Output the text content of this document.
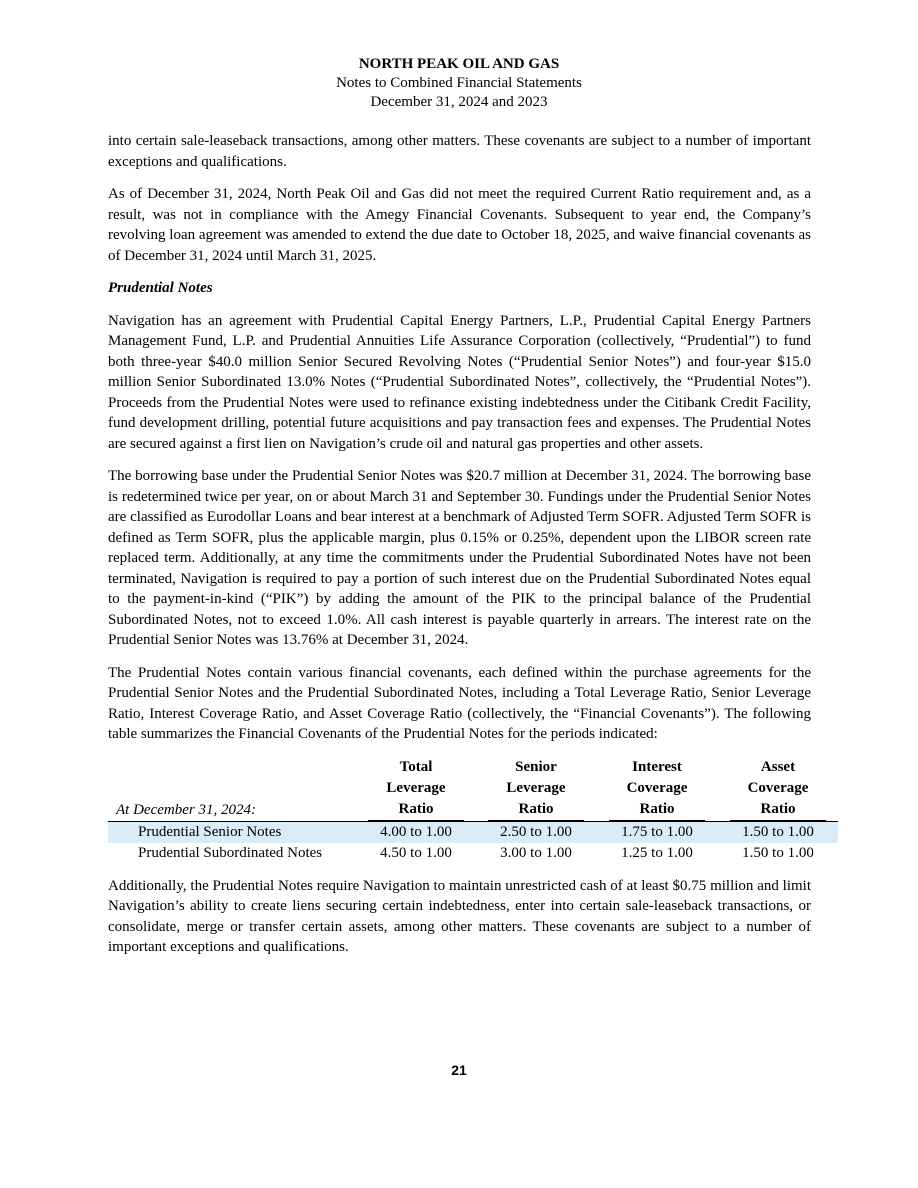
NORTH PEAK OIL AND GAS
Notes to Combined Financial Statements
December 31, 2024 and 2023

into certain sale-leaseback transactions, among other matters. These covenants are subject to a number of important exceptions and qualifications.

As of December 31, 2024, North Peak Oil and Gas did not meet the required Current Ratio requirement and, as a result, was not in compliance with the Amegy Financial Covenants. Subsequent to year end, the Company’s revolving loan agreement was amended to extend the due date to October 18, 2025, and waive financial covenants as of December 31, 2024 until March 31, 2025.

Prudential Notes

Navigation has an agreement with Prudential Capital Energy Partners, L.P., Prudential Capital Energy Partners Management Fund, L.P. and Prudential Annuities Life Assurance Corporation (collectively, “Prudential”) to fund both three-year $40.0 million Senior Secured Revolving Notes (“Prudential Senior Notes”) and four-year $15.0 million Senior Subordinated 13.0% Notes (“Prudential Subordinated Notes”, collectively, the “Prudential Notes”). Proceeds from the Prudential Notes were used to refinance existing indebtedness under the Citibank Credit Facility, fund development drilling, potential future acquisitions and pay transaction fees and expenses. The Prudential Notes are secured against a first lien on Navigation’s crude oil and natural gas properties and other assets.

The borrowing base under the Prudential Senior Notes was $20.7 million at December 31, 2024. The borrowing base is redetermined twice per year, on or about March 31 and September 30. Fundings under the Prudential Senior Notes are classified as Eurodollar Loans and bear interest at a benchmark of Adjusted Term SOFR. Adjusted Term SOFR is defined as Term SOFR, plus the applicable margin, plus 0.15% or 0.25%, dependent upon the LIBOR screen rate replaced term. Additionally, at any time the commitments under the Prudential Subordinated Notes have not been terminated, Navigation is required to pay a portion of such interest due on the Prudential Subordinated Notes equal to the payment-in-kind (“PIK”) by adding the amount of the PIK to the principal balance of the Prudential Subordinated Notes, not to exceed 1.0%. All cash interest is payable quarterly in arrears. The interest rate on the Prudential Senior Notes was 13.76% at December 31, 2024.

The Prudential Notes contain various financial covenants, each defined within the purchase agreements for the Prudential Senior Notes and the Prudential Subordinated Notes, including a Total Leverage Ratio, Senior Leverage Ratio, Interest Coverage Ratio, and Asset Coverage Ratio (collectively, the “Financial Covenants”). The following table summarizes the Financial Covenants of the Prudential Notes for the periods indicated:

	Total	Senior	Interest	Asset
	Leverage	Leverage	Coverage	Coverage
At December 31, 2024:	Ratio	Ratio	Ratio	Ratio
Prudential Senior Notes	4.00 to 1.00	2.50 to 1.00	1.75 to 1.00	1.50 to 1.00
Prudential Subordinated Notes	4.50 to 1.00	3.00 to 1.00	1.25 to 1.00	1.50 to 1.00

Additionally, the Prudential Notes require Navigation to maintain unrestricted cash of at least $0.75 million and limit Navigation’s ability to create liens securing certain indebtedness, enter into certain sale-leaseback transactions, or consolidate, merge or transfer certain assets, among other matters. These covenants are subject to a number of important exceptions and qualifications.

21
